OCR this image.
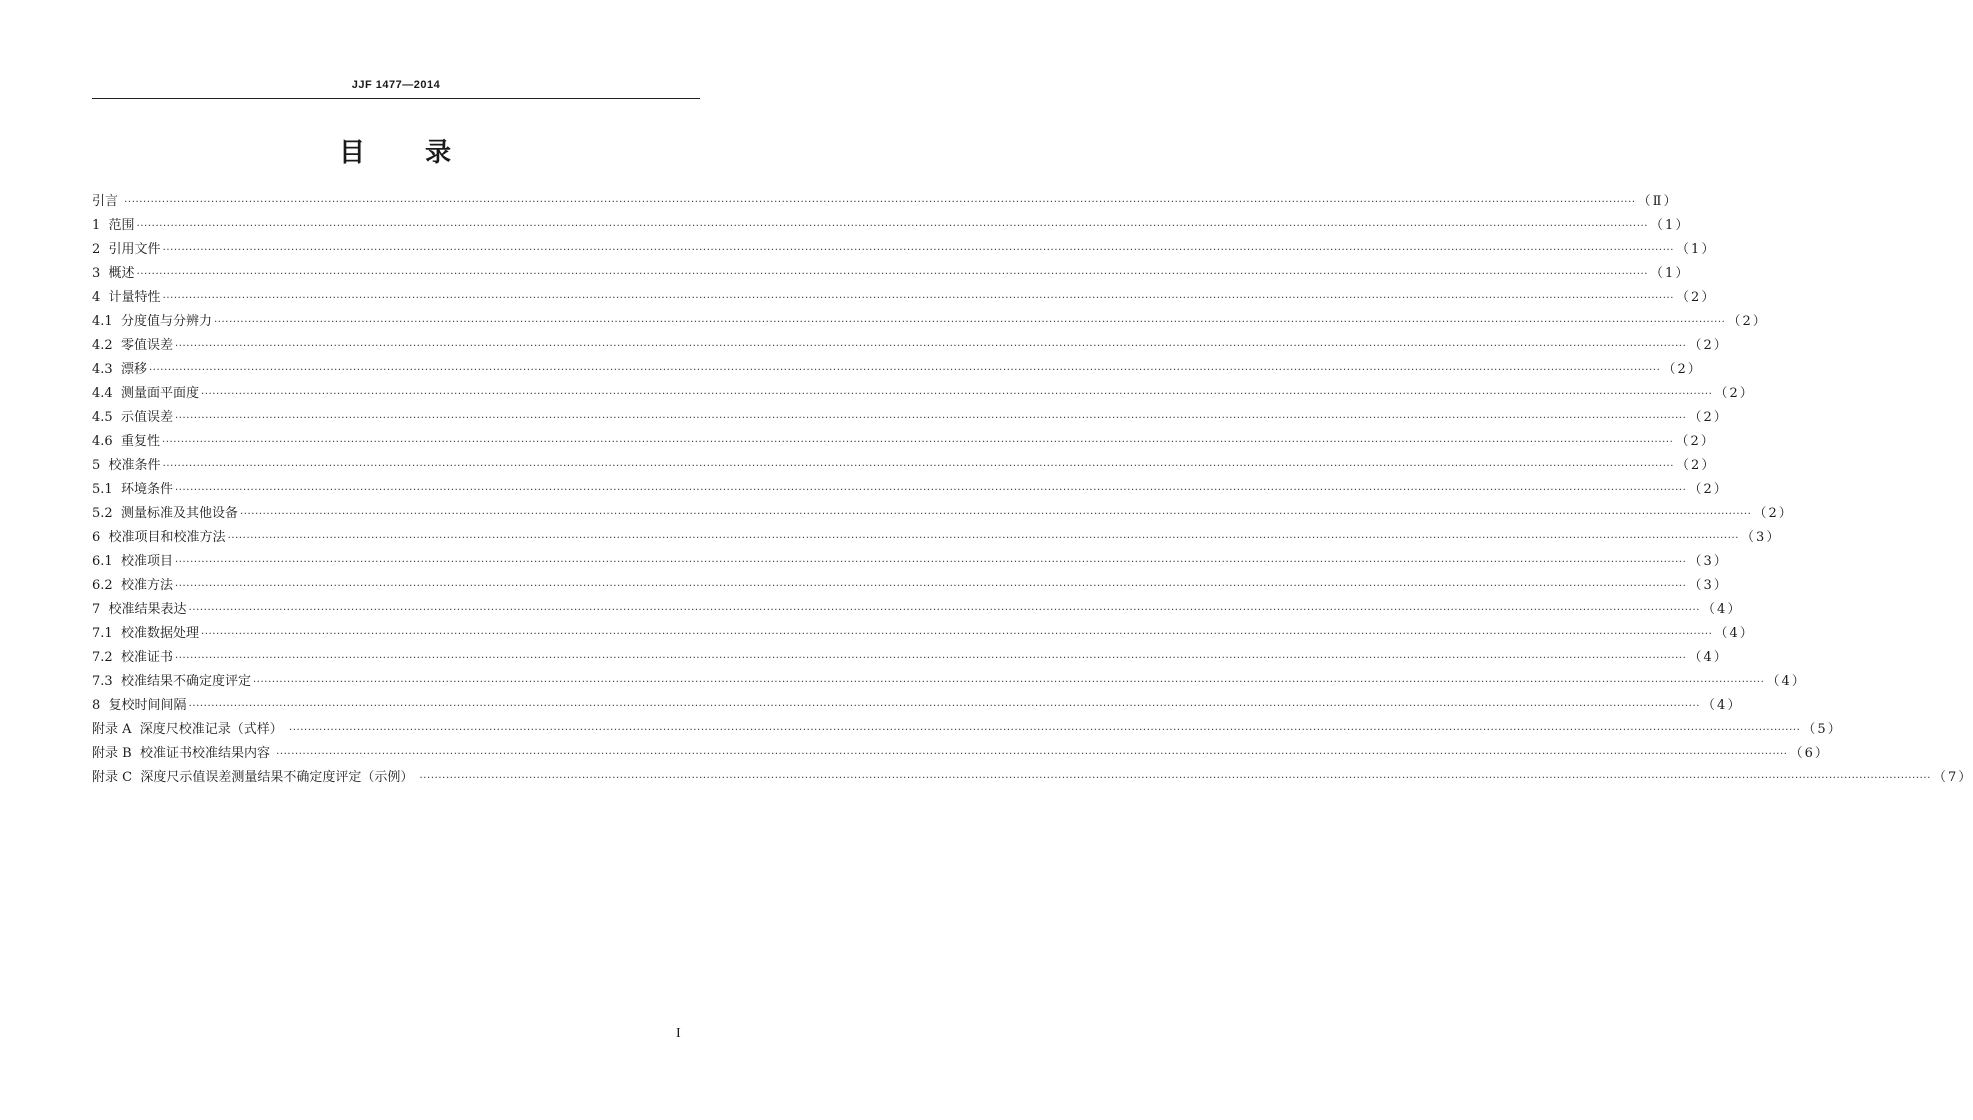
JJF 1477—2014
目 录
引言 ················································································································································································································································································································································································································ （Ⅱ）
1 范围 ················································································································································································································································································································································································································ （1）
2 引用文件 ················································································································································································································································································································································································································ （1）
3 概述 ················································································································································································································································································································································································································ （1）
4 计量特性 ················································································································································································································································································································································································································ （2）
4.1 分度值与分辨力 ················································································································································································································································································································································································································ （2）
4.2 零值误差 ················································································································································································································································································································································································································ （2）
4.3 漂移 ················································································································································································································································································································································································································ （2）
4.4 测量面平面度 ················································································································································································································································································································································································································ （2）
4.5 示值误差 ················································································································································································································································································································································································································ （2）
4.6 重复性 ················································································································································································································································································································································································································ （2）
5 校准条件 ················································································································································································································································································································································································································ （2）
5.1 环境条件 ················································································································································································································································································································································································································ （2）
5.2 测量标准及其他设备 ················································································································································································································································································································································································································ （2）
6 校准项目和校准方法 ················································································································································································································································································································································································································ （3）
6.1 校准项目 ················································································································································································································································································································································································································ （3）
6.2 校准方法 ················································································································································································································································································································································································································ （3）
7 校准结果表达 ················································································································································································································································································································································································································ （4）
7.1 校准数据处理 ················································································································································································································································································································································································································ （4）
7.2 校准证书 ················································································································································································································································································································································································································ （4）
7.3 校准结果不确定度评定 ················································································································································································································································································································································································································ （4）
8 复校时间间隔 ················································································································································································································································································································································································································ （4）
附录 A 深度尺校准记录（式样） ················································································································································································································································································································································································································ （5）
附录 B 校准证书校准结果内容 ················································································································································································································································································································································································································ （6）
附录 C 深度尺示值误差测量结果不确定度评定（示例） ················································································································································································································································································································································································································ （7）
I
